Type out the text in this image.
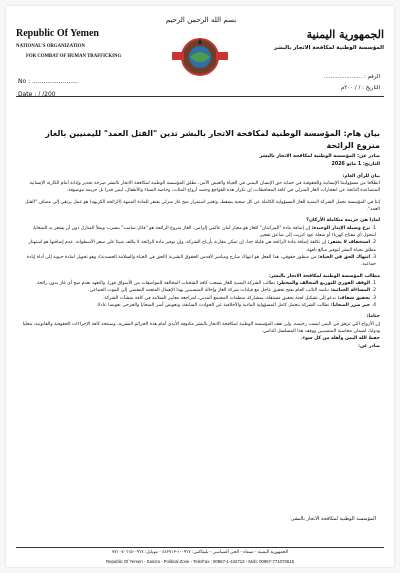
Republic Of Yemen
NATIONAL'S ORGANIZATION
FOR COMBAT OF HUMAN TRAFFICKING
No : ........................
Date : / /200
بسم الله الرحمن الرحيم
الجمهورية اليمنية
المؤسسة الوطنية لمكافحة الاتجار بالبشر
الرقم : ......................
التاريخ : / / ٢٠٠م
بيان هام: المؤسسة الوطنية لمكافحة الاتجار بالبشر تدين "القتل العمد" لليمنيين بالغاز منزوع الرائحة
صادر عن: المؤسسة الوطنية لمكافحة الاتجار بالبشر
التاريخ: 1 مايو 2026
بيان للرأي العام:
انطلاقا من مسؤوليتنا الإنسانية والحقوقية في حماية حق الإنسان اليمني في الحياة والعيش الآمن، تطلق المؤسسة الوطنية لمكافحة الاتجار بالبشر صرخة تحذير وإدانة أمام الكارثة الإنسانية المتصاعدة الناتجة عن انفجارات الغاز المنزلي في كافة المحافظات، إن تكرار هذه الفواجع وحصد أرواح المئات، وخاصة النساء والأطفال، ليس قدرا بل جريمة موصوفة.
إننا في المؤسسة نحمل الشركة اليمنية للغاز المسؤولية الكاملة عن كل ضحية يسقط، ونعتبر استمرار ضخ غاز منزلي يفتقر للمادة المنبهة (الرائحة الكريهة) هو عمل يرتقي إلى مصاف "القتل العمد".
لماذا هي جريمة متكاملة الأركان؟
1. نزع وسيلة الإنذار الوحيدة: إن إضافة مادة "المركبتان" للغاز هو معيار أمان عالمي إلزامي. الغاز منزوع الرائحة هو "قاتل صامت" يتسرب ويملأ المنازل دون أن يشعر به الضحايا، ليتحول أي مفتاح كهرباء أو شعلة عود كبريت إلى صاعق تفجير.
2. استخفاف لا يغتفر: إن تكلفة إضافة مادة الرائحة هي قليلة جدا، إن تمكن مقارنة بأرباح الشركة، وإن توفير مادة الرائحة لا يكلف شيئا على سعر الأسطوانة. عدم إضافتها هو استهتار مطلق بحياة البشر لتوفير مبالغ تافهة.
3. انتهاك الحق في الحياة: من منظور حقوقي، هذا الفعل هو انتهاك صارخ ومباشر لأقدس الحقوق البشرية (الحق في الحياة والسلامة الجسدية)، وهو تحويل لمادة حيوية إلى أداة إبادة جماعية.
مطالب المؤسسة الوطنية لمكافحة الاتجار بالبشر:
1. الوقف الفوري للتوزيع المخالف والمخطر: نطالب الشركة اليمنية للغاز بسحب كافة الشحنات المخالفة للمواصفات من الأسواق فورا، والتعهد بعدم ضخ أي غاز بدون رائحة.
2. المساءلة الجنائية: نناشد النائب العام بفتح تحقيق عاجل مع قيادات شركة الغاز وإحالة المتسببين بهذا الإهمال المتعمد المفضي إلى الموت الجماعي.
3. تحقيق شفاف: ندعو إلى تشكيل لجنة تحقيق مستقلة، بمشاركة منظمات المجتمع المدني، لمراجعة معايير السلامة في كافة منشآت الشركة.
4. جبر ضرر الضحايا: نطالب الشركة بتحمل كامل المسؤولية المادية والأخلاقية عن الحوادث السابقة، وتعويض أسر الضحايا والجرحى تعويضا عادلا.
ختاما:
إن الأرواح التي تزهق في اليمن ليست رخيصة. ولن تقف المؤسسة الوطنية لمكافحة الاتجار بالبشر مكتوفة الأيدي أمام هذه الجرائم البشرية، وستتخذ كافة الإجراءات الحقوقية والقانونية، محليا ودوليا، لضمان محاسبة المتسببين ووقف هذا المسلسل الدامي.
حفظ الله اليمن وأهله من كل سوء.
صادر عن:
المؤسسة الوطنية لمكافحة الاتجار بالبشر.
الجمهورية اليمنية - صنعاء - الحي السياسي - تليفاكس: ٠٩٦٧-١-٤٤٢٧١٣ - موبايل: ٠٩٦٧-٧٧١٠٧٠٦١٥
Republic Of Yemen - Sana'a - Political Zone - Tele/Fax : 00967-1-442713 - Mob: 00967-771070615
